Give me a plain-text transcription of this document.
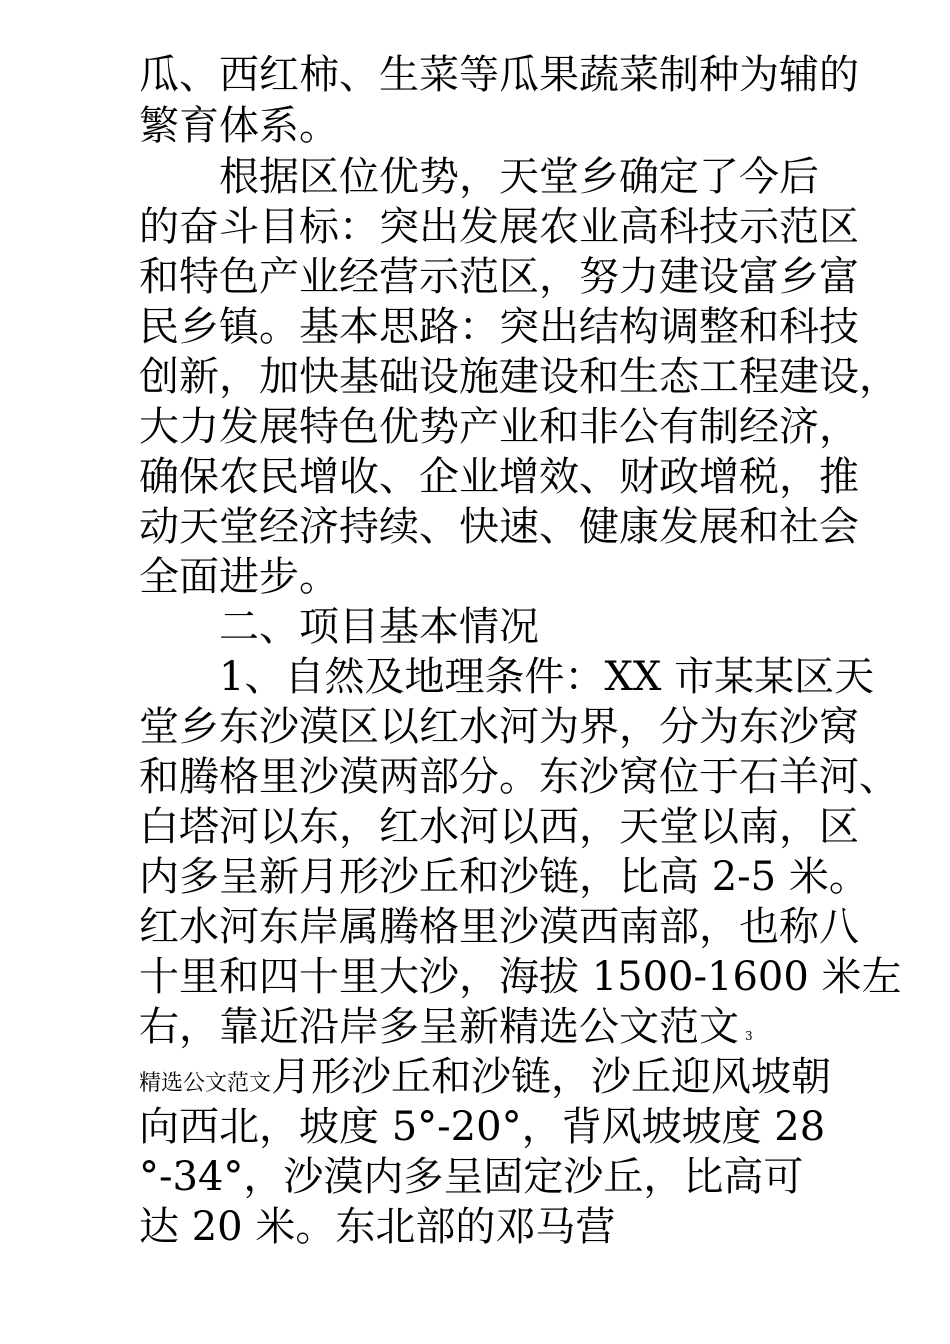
瓜、西红柿、生菜等瓜果蔬菜制种为辅的
繁育体系。
根据区位优势，天堂乡确定了今后
的奋斗目标：突出发展农业高科技示范区
和特色产业经营示范区，努力建设富乡富
民乡镇。基本思路：突出结构调整和科技
创新，加快基础设施建设和生态工程建设，
大力发展特色优势产业和非公有制经济，
确保农民增收、企业增效、财政增税，推
动天堂经济持续、快速、健康发展和社会
全面进步。
二、项目基本情况
1、自然及地理条件：XX 市某某区天
堂乡东沙漠区以红水河为界，分为东沙窝
和腾格里沙漠两部分。东沙窝位于石羊河、
白塔河以东，红水河以西，天堂以南，区
内多呈新月形沙丘和沙链，比高 2-5 米。
红水河东岸属腾格里沙漠西南部，也称八
十里和四十里大沙，海拔 1500-1600 米左
右，靠近沿岸多呈新精选公文范文 3
精选公文范文月形沙丘和沙链，沙丘迎风坡朝
向西北，坡度 5°-20°，背风坡坡度 28
°-34°，沙漠内多呈固定沙丘，比高可
达 20 米。东北部的邓马营
